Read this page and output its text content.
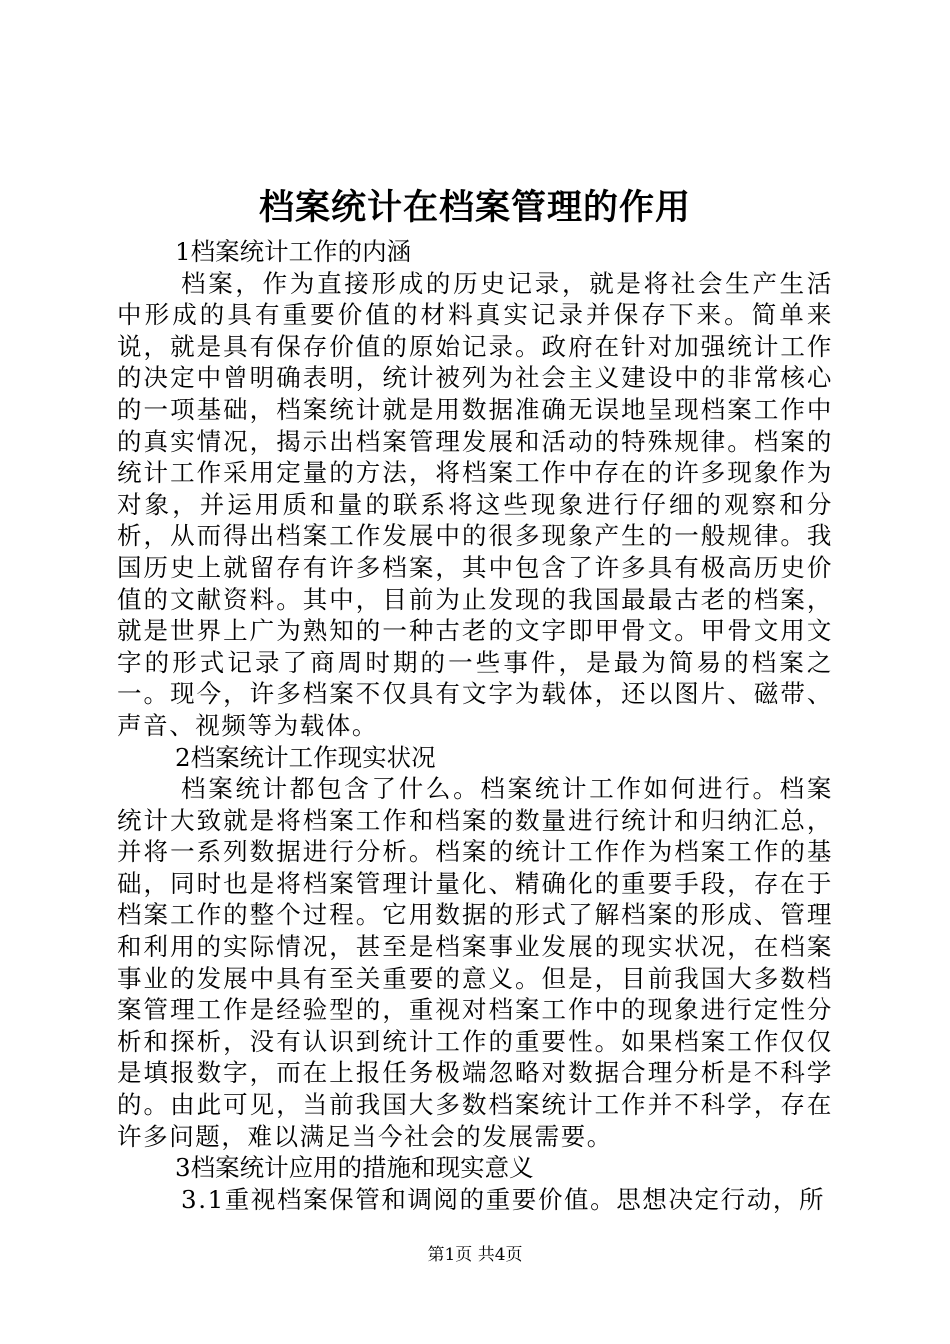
档案统计在档案管理的作用

1档案统计工作的内涵

档案，作为直接形成的历史记录，就是将社会生产生活中形成的具有重要价值的材料真实记录并保存下来。简单来说，就是具有保存价值的原始记录。政府在针对加强统计工作的决定中曾明确表明，统计被列为社会主义建设中的非常核心的一项基础，档案统计就是用数据准确无误地呈现档案工作中的真实情况，揭示出档案管理发展和活动的特殊规律。档案的统计工作采用定量的方法，将档案工作中存在的许多现象作为对象，并运用质和量的联系将这些现象进行仔细的观察和分析，从而得出档案工作发展中的很多现象产生的一般规律。我国历史上就留存有许多档案，其中包含了许多具有极高历史价值的文献资料。其中，目前为止发现的我国最最古老的档案，就是世界上广为熟知的一种古老的文字即甲骨文。甲骨文用文字的形式记录了商周时期的一些事件，是最为简易的档案之一。现今，许多档案不仅具有文字为载体，还以图片、磁带、声音、视频等为载体。

2档案统计工作现实状况

档案统计都包含了什么。档案统计工作如何进行。档案统计大致就是将档案工作和档案的数量进行统计和归纳汇总，并将一系列数据进行分析。档案的统计工作作为档案工作的基础，同时也是将档案管理计量化、精确化的重要手段，存在于档案工作的整个过程。它用数据的形式了解档案的形成、管理和利用的实际情况，甚至是档案事业发展的现实状况，在档案事业的发展中具有至关重要的意义。但是，目前我国大多数档案管理工作是经验型的，重视对档案工作中的现象进行定性分析和探析，没有认识到统计工作的重要性。如果档案工作仅仅是填报数字，而在上报任务极端忽略对数据合理分析是不科学的。由此可见，当前我国大多数档案统计工作并不科学，存在许多问题，难以满足当今社会的发展需要。

3档案统计应用的措施和现实意义

3.1重视档案保管和调阅的重要价值。思想决定行动，所

第1页 共4页
